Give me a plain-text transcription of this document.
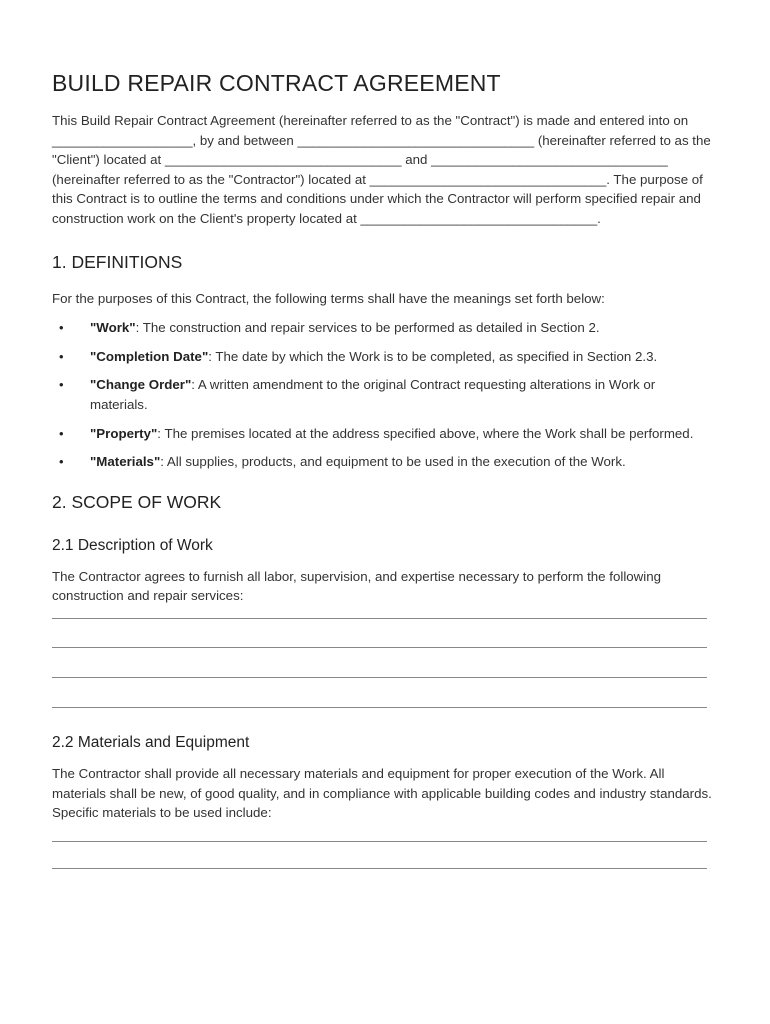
BUILD REPAIR CONTRACT AGREEMENT

This Build Repair Contract Agreement (hereinafter referred to as the "Contract") is made and entered into on ___________________, by and between ________________________________ (hereinafter referred to as the "Client") located at ________________________________ and ________________________________ (hereinafter referred to as the "Contractor") located at ________________________________. The purpose of this Contract is to outline the terms and conditions under which the Contractor will perform specified repair and construction work on the Client's property located at ________________________________.

1. DEFINITIONS

For the purposes of this Contract, the following terms shall have the meanings set forth below:

• "Work": The construction and repair services to be performed as detailed in Section 2.
• "Completion Date": The date by which the Work is to be completed, as specified in Section 2.3.
• "Change Order": A written amendment to the original Contract requesting alterations in Work or materials.
• "Property": The premises located at the address specified above, where the Work shall be performed.
• "Materials": All supplies, products, and equipment to be used in the execution of the Work.
2. SCOPE OF WORK
2.1 Description of Work

The Contractor agrees to furnish all labor, supervision, and expertise necessary to perform the following construction and repair services:

2.2 Materials and Equipment

The Contractor shall provide all necessary materials and equipment for proper execution of the Work. All materials shall be new, of good quality, and in compliance with applicable building codes and industry standards. Specific materials to be used include:
